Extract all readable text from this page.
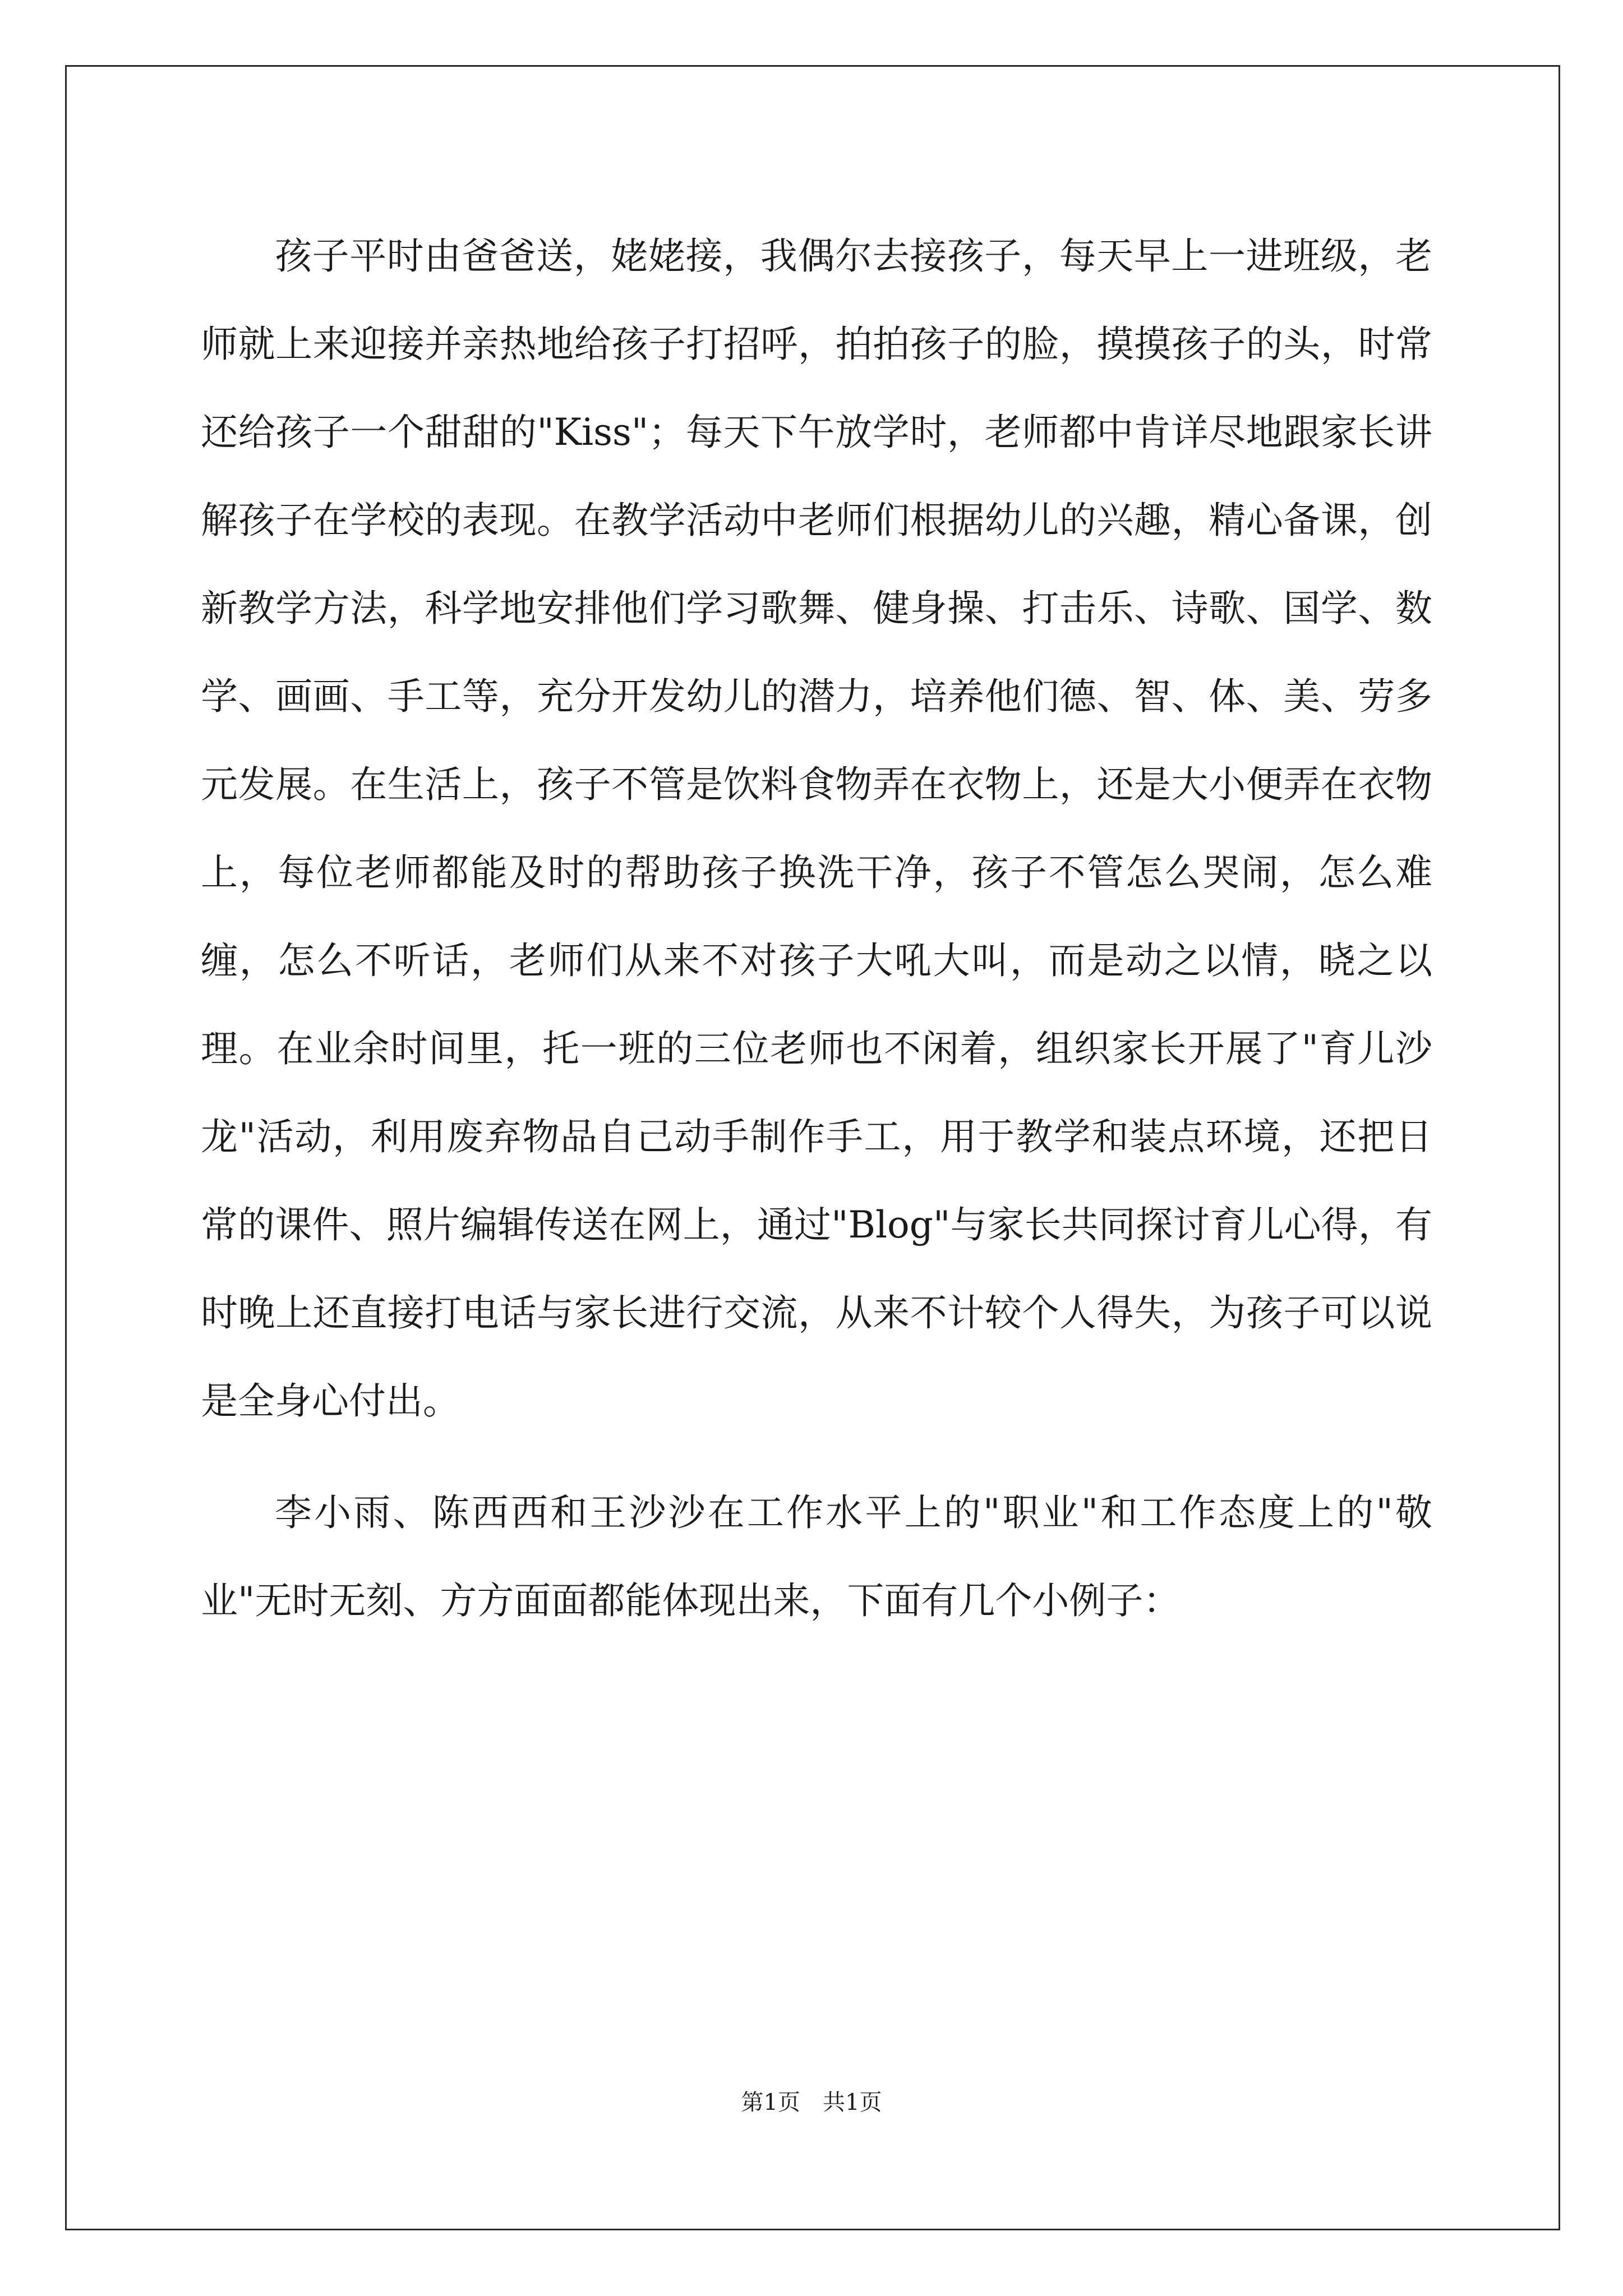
孩子平时由爸爸送，姥姥接，我偶尔去接孩子，每天早上一进班级，老师就上来迎接并亲热地给孩子打招呼，拍拍孩子的脸，摸摸孩子的头，时常还给孩子一个甜甜的"Kiss"；每天下午放学时，老师都中肯详尽地跟家长讲解孩子在学校的表现。在教学活动中老师们根据幼儿的兴趣，精心备课，创新教学方法，科学地安排他们学习歌舞、健身操、打击乐、诗歌、国学、数学、画画、手工等，充分开发幼儿的潜力，培养他们德、智、体、美、劳多元发展。在生活上，孩子不管是饮料食物弄在衣物上，还是大小便弄在衣物上，每位老师都能及时的帮助孩子换洗干净，孩子不管怎么哭闹，怎么难缠，怎么不听话，老师们从来不对孩子大吼大叫，而是动之以情，晓之以理。在业余时间里，托一班的三位老师也不闲着，组织家长开展了"育儿沙龙"活动，利用废弃物品自己动手制作手工，用于教学和装点环境，还把日常的课件、照片编辑传送在网上，通过"Blog"与家长共同探讨育儿心得，有时晚上还直接打电话与家长进行交流，从来不计较个人得失，为孩子可以说是全身心付出。

李小雨、陈西西和王沙沙在工作水平上的"职业"和工作态度上的"敬业"无时无刻、方方面面都能体现出来，下面有几个小例子：

第1页　共1页
